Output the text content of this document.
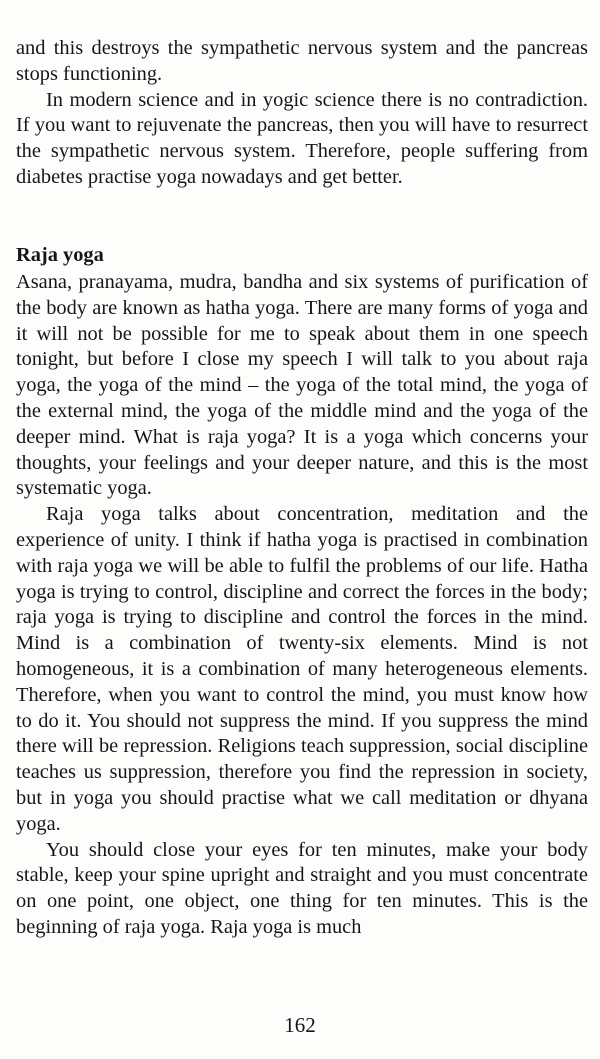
and this destroys the sympathetic nervous system and the pancreas stops functioning.

In modern science and in yogic science there is no contradiction. If you want to rejuvenate the pancreas, then you will have to resurrect the sympathetic nervous system. Therefore, people suffering from diabetes practise yoga nowadays and get better.

Raja yoga

Asana, pranayama, mudra, bandha and six systems of purification of the body are known as hatha yoga. There are many forms of yoga and it will not be possible for me to speak about them in one speech tonight, but before I close my speech I will talk to you about raja yoga, the yoga of the mind – the yoga of the total mind, the yoga of the external mind, the yoga of the middle mind and the yoga of the deeper mind. What is raja yoga? It is a yoga which concerns your thoughts, your feelings and your deeper nature, and this is the most systematic yoga.

Raja yoga talks about concentration, meditation and the experience of unity. I think if hatha yoga is practised in combination with raja yoga we will be able to fulfil the problems of our life. Hatha yoga is trying to control, discipline and correct the forces in the body; raja yoga is trying to discipline and control the forces in the mind. Mind is a combination of twenty-six elements. Mind is not homogeneous, it is a combination of many heterogeneous elements. Therefore, when you want to control the mind, you must know how to do it. You should not suppress the mind. If you suppress the mind there will be repression. Religions teach suppression, social discipline teaches us suppression, therefore you find the repression in society, but in yoga you should practise what we call meditation or dhyana yoga.

You should close your eyes for ten minutes, make your body stable, keep your spine upright and straight and you must concentrate on one point, one object, one thing for ten minutes. This is the beginning of raja yoga. Raja yoga is much

162
